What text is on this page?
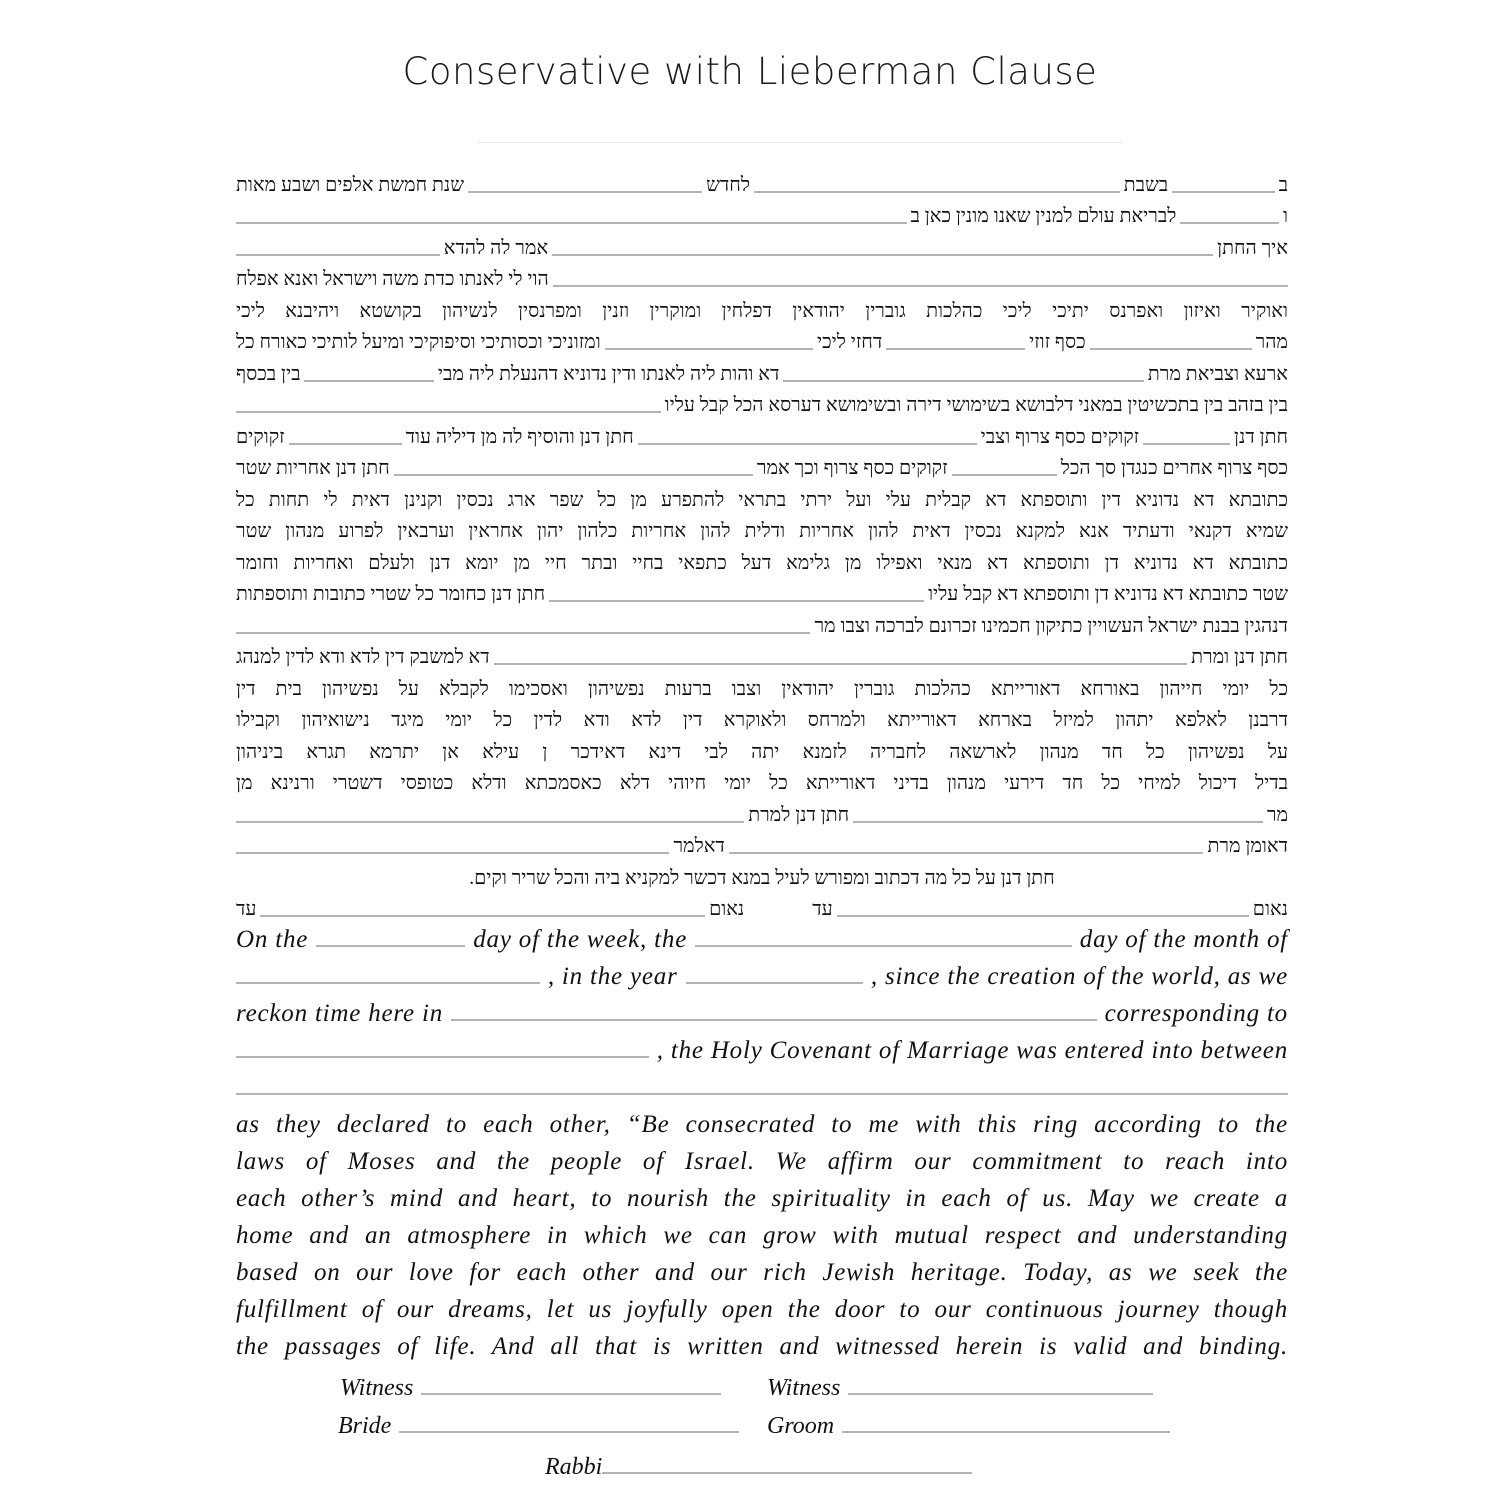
Conservative with Lieberman Clause
ב
בשבת
לחדש
שנת חמשת אלפים ושבע מאות
ו
לבריאת עולם למנין שאנו מונין כאן ב
איך החתן
אמר לה להדא
הוי לי לאנתו כדת משה וישראל ואנא אפלח
ואוקיר ואיזון ואפרנס יתיכי ליכי כהלכות גוברין יהודאין דפלחין ומוקרין וזנין ומפרנסין לנשיהון בקושטא ויהיבנא ליכי
מהר
כסף זוזי
דחזי ליכי
ומזוניכי וכסותיכי וסיפוקיכי ומיעל לותיכי כאורח כל
ארעא וצביאת מרת
דא והות ליה לאנתו ודין נדוניא דהנעלת ליה מבי
בין בכסף
בין בזהב בין בתכשיטין במאני דלבושא בשימושי דירה ובשימושא דערסא הכל קבל עליו
חתן דנן
זקוקים כסף צרוף וצבי
חתן דנן והוסיף לה מן דיליה עוד
זקוקים
כסף צרוף אחרים כנגדן סך הכל
זקוקים כסף צרוף וכך אמר
חתן דנן אחריות שטר
כתובתא דא נדוניא דין ותוספתא דא קבלית עלי ועל ירתי בתראי להתפרע מן כל שפר ארג נכסין וקנינן דאית לי תחות כל
שמיא דקנאי ודעתיד אנא למקנא נכסין דאית להון אחריות ודלית להון אחריות כלהון יהון אחראין וערבאין לפרוע מנהון שטר
כתובתא דא נדוניא דן ותוספתא דא מנאי ואפילו מן גלימא דעל כתפאי בחיי ובתר חיי מן יומא דנן ולעלם ואחריות וחומר
שטר כתובתא דא נדוניא דן ותוספתא דא קבל עליו
חתן דנן כחומר כל שטרי כתובות ותוספתות
דנהגין בבנת ישראל העשויין כתיקון חכמינו זכרונם לברכה וצבו מר
חתן דנן ומרת
דא למשבק דין לדא ודא לדין למנהג
כל יומי חייהון באורחא דאורייתא כהלכות גוברין יהודאין וצבו ברעות נפשיהון ואסכימו לקבלא על נפשיהון בית דין
דרבנן לאלפא יתהון למיזל בארחא דאורייתא ולמרחס ולאוקרא דין לדא ודא לדין כל יומי מיגד נישואיהון וקבילו
על נפשיהון כל חד מנהון לארשאה לחבריה לזמנא יתה לבי דינא דאידכר ן עילא אן יתרמא תגרא ביניהון
בדיל דיכול למיחי כל חד דירעי מנהון בדיני דאורייתא כל יומי חיוהי דלא כאסמכתא ודלא כטופסי דשטרי ורנינא מן
מר
חתן דנן למרת
דאומן מרת
דאלמר
חתן דנן על כל מה דכתוב ומפורש לעיל במנא דכשר למקניא ביה והכל שריר וקים.
נאום
עד
נאום
עד
On the	day of the week, the	day of the month of
, in the year	, since the creation of the world, as we
reckon time here in	corresponding to
, the Holy Covenant of Marriage was entered into between
as they declared to each other, “Be consecrated to me with this ring according to the
laws of Moses and the people of Israel. We affirm our commitment to reach into
each other’s mind and heart, to nourish the spirituality in each of us. May we create a
home and an atmosphere in which we can grow with mutual respect and understanding
based on our love for each other and our rich Jewish heritage. Today, as we seek the
fulfillment of our dreams, let us joyfully open the door to our continuous journey though
the passages of life. And all that is written and witnessed herein is valid and binding.
Witness	Witness
Bride	Groom
Rabbi
